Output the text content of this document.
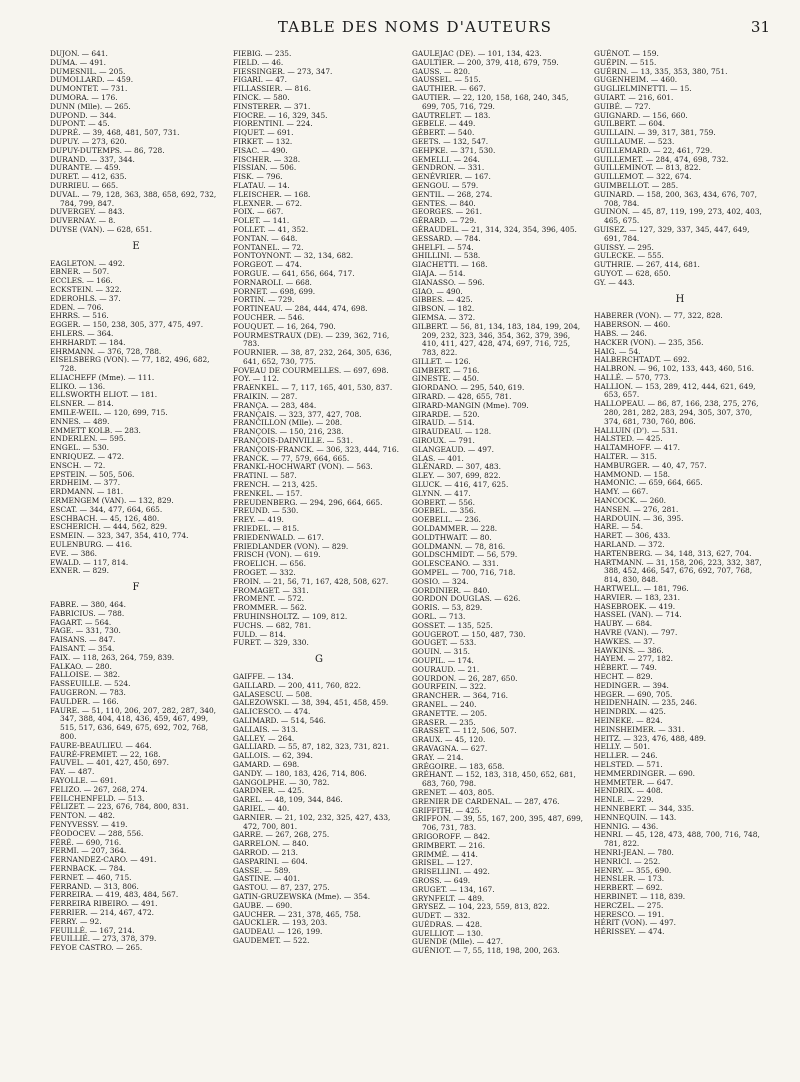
TABLE DES NOMS D'AUTEURS	31
DUJON. — 641.
DUMA. — 491.
DUMESNIL. — 205.
DUMOLLARD. — 459.
DUMONTET. — 731.
DUMORA. — 176.
DUNN (Mlle). — 265.
DUPOND. — 344.
DUPONT. — 45.
DUPRÉ. — 39, 468, 481, 507, 731.
DUPUY. — 273, 620.
DUPUY-DUTEMPS. — 86, 728.
DURAND. — 337, 344.
DURANTE. — 459.
DURET. — 412, 635.
DURRIEU. — 665.
DUVAL. — 79, 128, 363, 388, 658, 692, 732, 784, 799, 847.
DUVERGEY. — 843.
DUVERNAY. — 8.
DUYSE (VAN). — 628, 651.
E
EAGLETON. — 492.
EBNER. — 507.
ECCLES. — 166.
ECKSTEIN. — 322.
EDEROHLS. — 37.
EDEN. — 706.
EHRRS. — 516.
EGGER. — 150, 238, 305, 377, 475, 497.
EHLERS. — 364.
EHRHARDT. — 184.
EHRMANN. — 376, 728, 788.
EISELSBERG (VON). — 77, 182, 496, 682, 728.
ELIACHEFF (Mme). — 111.
ELIKO. — 136.
ELLSWORTH ELIOT. — 181.
ELSNER. — 814.
EMILE-WEIL. — 120, 699, 715.
ENNES. — 489.
EMMETT KOLB. — 283.
ENDERLEN. — 595.
ENGEL. — 530.
ENRIQUEZ. — 472.
ENSCH. — 72.
EPSTEIN. — 505, 506.
ERDHEIM. — 377.
ERDMANN. — 181.
ERMENGEM (VAN). — 132, 829.
ESCAT. — 344, 477, 664, 665.
ESCHBACH. — 45, 126, 480.
ESCHERICH. — 444, 562, 829.
ESMEIN. — 323, 347, 354, 410, 774.
EULENBURG. — 416.
EVE. — 386.
EWALD. — 117, 814.
EXNER. — 829.
F
FABRE. — 380, 464.
FABRICIUS. — 788.
FAGART. — 564.
FAGE. — 331, 730.
FAISANS. — 847.
FAISANT. — 354.
FAIX. — 118, 263, 264, 759, 839.
FALKAO. — 280.
FALLOISE. — 382.
FASSEUILLE. — 524.
FAUGERON. — 783.
FAULDER. — 166.
FAURE. — 51, 110, 206, 207, 282, 287, 340, 347, 388, 404, 418, 436, 459, 467, 499, 515, 517, 636, 649, 675, 692, 702, 768, 800.
FAURE-BEAULIEU. — 464.
FAURÉ-FREMIET. — 22, 168.
FAUVEL. — 401, 427, 450, 697.
FAY. — 487.
FAYOLLE. — 691.
FELIZO. — 267, 268, 274.
FEILCHENFELD. — 513.
FÉLIZET. — 223, 676, 784, 800, 831.
FENTON. — 482.
FENYVESSY. — 419.
FÉODOCEV. — 288, 556.
FÉRÉ. — 690, 716.
FERMI. — 207, 364.
FERNANDEZ-CARO. — 491.
FERNBACK. — 784.
FERNET. — 460, 715.
FERRAND. — 313, 806.
FERREIRA. — 419, 483, 484, 567.
FERREIRA RIBEIRO. — 491.
FERRIER. — 214, 467, 472.
FERRY. — 92.
FEUILLÉ. — 167, 214.
FEUILLIÉ. — 273, 378, 379.
FEYOE CASTRO. — 265.
FIEBIG. — 235.
FIELD. — 46.
FIESSINGER. — 273, 347.
FIGARI. — 47.
FILLASSIER. — 816.
FINCK. — 580.
FINSTERER. — 371.
FIOCRE. — 16, 329, 345.
FIORENTINI. — 224.
FIQUET. — 691.
FIRKET. — 132.
FISAC. — 490.
FISCHER. — 328.
FISSIAN. — 506.
FISK. — 796.
FLATAU. — 14.
FLEISCHER. — 168.
FLEXNER. — 672.
FOIX. — 667.
FOLET. — 141.
FOLLET. — 41, 352.
FONTAN. — 648.
FONTANEL. — 72.
FONTOYNONT. — 32, 134, 682.
FORGEOT. — 474.
FORGUE. — 641, 656, 664, 717.
FORNAROLI. — 668.
FORNET. — 698, 699.
FORTIN. — 729.
FORTINEAU. — 284, 444, 474, 698.
FOUCHER. — 546.
FOUQUET. — 16, 264, 790.
FOURMESTRAUX (DE). — 239, 362, 716, 783.
FOURNIER. — 38, 87, 232, 264, 305, 636, 641, 652, 730, 775.
FOVEAU DE COURMELLES. — 697, 698.
FOY. — 112.
FRAENKEL. — 7, 117, 165, 401, 530, 837.
FRAIKIN. — 287.
FRANÇA. — 283, 484.
FRANÇAIS. — 323, 377, 427, 708.
FRANCILLON (Mlle). — 208.
FRANÇOIS. — 150, 216, 238.
FRANÇOIS-DAINVILLE. — 531.
FRANÇOIS-FRANCK. — 306, 323, 444, 716.
FRANCK. — 77, 579, 664, 665.
FRANKL-HOCHWART (VON). — 563.
FRATINI. — 587.
FRENCH. — 213, 425.
FRENKEL. — 157.
FREUDENBERG. — 294, 296, 664, 665.
FREUND. — 530.
FREY. — 419.
FRIEDEL. — 815.
FRIEDENWALD. — 617.
FRIEDLANDER (VON). — 829.
FRISCH (VON). — 619.
FROELICH. — 656.
FROGET. — 332.
FROIN. — 21, 56, 71, 167, 428, 508, 627.
FROMAGET. — 331.
FROMENT. — 572.
FROMMER. — 562.
FRUHINSHOLTZ. — 109, 812.
FUCHS. — 682, 781.
FULD. — 814.
FURET. — 329, 330.
G
GAIFFE. — 134.
GAILLARD. — 200, 411, 760, 822.
GALASESCU. — 508.
GALEZOWSKI. — 38, 394, 451, 458, 459.
GALICESCO. — 474.
GALIMARD. — 514, 546.
GALLAIS. — 313.
GALLEY. — 264.
GALLIARD. — 55, 87, 182, 323, 731, 821.
GALLOIS. — 62, 394.
GAMARD. — 698.
GANDY. — 180, 183, 426, 714, 806.
GANGOLPHE. — 30, 782.
GARDNER. — 425.
GAREL. — 48, 109, 344, 846.
GARIEL. — 40.
GARNIER. — 21, 102, 232, 325, 427, 433, 472, 700, 801.
GARRE. — 267, 268, 275.
GARRELON. — 840.
GARROD. — 213.
GASPARINI. — 604.
GASSE. — 589.
GASTINE. — 401.
GASTOU. — 87, 237, 275.
GATIN-GRUZEWSKA (Mme). — 354.
GAUBE. — 690.
GAUCHER. — 231, 378, 465, 758.
GAUCKLER. — 193, 203.
GAUDEAU. — 126, 199.
GAUDEMET. — 522.
GAULEJAC (DE). — 101, 134, 423.
GAULTIER. — 200, 379, 418, 679, 759.
GAUSS. — 820.
GAUSSEL. — 515.
GAUTHIER. — 667.
GAUTIER. — 22, 120, 158, 168, 240, 345, 699, 705, 716, 729.
GAUTRELET. — 183.
GEBELE. — 449.
GÉBERT. — 540.
GEETS. — 132, 547.
GEHPKE. — 371, 530.
GEMELLI. — 264.
GENDRON. — 331.
GENÉVRIER. — 167.
GENGOU. — 579.
GENTIL. — 268, 274.
GENTES. — 840.
GEORGES. — 261.
GÉRARD. — 729.
GÉRAUDEL. — 21, 314, 324, 354, 396, 405.
GESSARD. — 784.
GHELFI. — 574.
GHILLINI. — 538.
GIACHETTI. — 168.
GIAJA. — 514.
GIANASSO. — 596.
GIAO. — 490.
GIBBES. — 425.
GIBSON. — 182.
GIEMSA. — 372.
GILBERT. — 56, 81, 134, 183, 184, 199, 204, 209, 232, 323, 346, 354, 362, 379, 396, 410, 411, 427, 428, 474, 697, 716, 725, 783, 822.
GILLET. — 126.
GIMBERT. — 716.
GINESTE. — 450.
GIORDANO. — 295, 540, 619.
GIRARD. — 428, 655, 781.
GIRARD-MANGIN (Mme). 709.
GIRARDE. — 520.
GIRAUD. — 514.
GIRAUDEAU. — 128.
GIROUX. — 791.
GLANGEAUD. — 497.
GLAS. — 401.
GLÉNARD. — 307, 483.
GLEY. — 307, 699, 822.
GLUCK. — 416, 417, 625.
GLYNN. — 417.
GOBERT. — 556.
GOEBEL. — 356.
GOEBELL. — 236.
GOLDAMMER. — 228.
GOLDTHWAIT. — 80.
GOLDMANN. — 78, 816.
GOLDSCHMIDT. — 56, 579.
GOLESCEANO. — 331.
GOMPEL. — 700, 716, 718.
GOSIO. — 324.
GORDINIER. — 840.
GORDON DOUGLAS. — 626.
GORIS. — 53, 829.
GORL. — 713.
GOSSET. — 135, 525.
GOUGEROT. — 150, 487, 730.
GOUGET. — 533.
GOUIN. — 315.
GOUPIL. — 174.
GOURAUD. — 21.
GOURDON. — 26, 287, 650.
GOURFEIN. — 322.
GRANCHER. — 364, 716.
GRANEL. — 240.
GRANETTE. — 205.
GRASER. — 235.
GRASSET. — 112, 506, 507.
GRAUX. — 45, 120.
GRAVAGNA. — 627.
GRAY. — 214.
GRÉGOIRE. — 183, 658.
GRÉHANT. — 152, 183, 318, 450, 652, 681, 683, 760, 798.
GRENET. — 403, 805.
GRENIER DE CARDENAL. — 287, 476.
GRIFFITH. — 425.
GRIFFON. — 39, 55, 167, 200, 395, 487, 699, 706, 731, 783.
GRIGOROFF. — 842.
GRIMBERT. — 216.
GRIMMÉ. — 414.
GRISEL. — 127.
GRISELLINI. — 492.
GROSS. — 649.
GRUGET. — 134, 167.
GRYNFELT. — 489.
GRYSEZ. — 104, 223, 559, 813, 822.
GUDET. — 332.
GUÉDRAS. — 428.
GUELLIOT. — 130.
GUENDE (Mlle). — 427.
GUÉNIOT. — 7, 55, 118, 198, 200, 263.
GUÉNOT. — 159.
GUÉPIN. — 515.
GUÉRIN. — 13, 335, 353, 380, 751.
GUGENHEIM. — 460.
GUGLIELMINETTI. — 15.
GUIART. — 216, 601.
GUIBÉ. — 727.
GUIGNARD. — 156, 660.
GUILBERT. — 604.
GUILLAIN. — 39, 317, 381, 759.
GUILLAUME. — 523.
GUILLEMARD. — 22, 461, 729.
GUILLEMET. — 284, 474, 698, 732.
GUILLEMINOT. — 813, 822.
GUILLEMOT. — 322, 674.
GUIMBELLOT. — 285.
GUINARD. — 158, 200, 363, 434, 676, 707, 708, 784.
GUINON. — 45, 87, 119, 199, 273, 402, 403, 465, 675.
GUISEZ. — 127, 329, 337, 345, 447, 649, 691, 784.
GUISSY. — 295.
GULECKE. — 555.
GUTHRIE. — 267, 414, 681.
GUYOT. — 628, 650.
GY. — 443.
H
HABERER (VON). — 77, 322, 828.
HABERSON. — 460.
HABS. — 246.
HACKER (VON). — 235, 356.
HAIG. — 54.
HALBERCHTADT. — 692.
HALBRON. — 96, 102, 133, 443, 460, 516.
HALLÉ. — 570, 773.
HALLION. — 153, 289, 412, 444, 621, 649, 653, 657.
HALLOPEAU. — 86, 87, 166, 238, 275, 276, 280, 281, 282, 283, 294, 305, 307, 370, 374, 681, 730, 760, 806.
HALLUIN (D'). — 531.
HALSTED. — 425.
HALTAMHOFF. — 417.
HALTER. — 315.
HAMBURGER. — 40, 47, 757.
HAMMOND. — 158.
HAMONIC. — 659, 664, 665.
HAMY. — 667.
HANCOCK. — 260.
HANSEN. — 276, 281.
HARDOUIN. — 36, 395.
HARE. — 54.
HARET. — 306, 433.
HARLAND. — 372.
HARTENBERG. — 34, 148, 313, 627, 704.
HARTMANN. — 31, 158, 206, 223, 332, 387, 388, 452, 466, 547, 676, 692, 707, 768, 814, 830, 848.
HARTWELL. — 181, 796.
HARVIER. — 183, 231.
HASEBROEK. — 419.
HASSEL (VAN). — 714.
HAUBY. — 684.
HAVRE (VAN). — 797.
HAWKES. — 37.
HAWKINS. — 386.
HAYEM. — 277, 182.
HÉBERT. — 749.
HECHT. — 829.
HEDINGER. — 394.
HEGER. — 690, 705.
HEIDENHAIN. — 235, 246.
HEINDRIX. — 425.
HEINEKE. — 824.
HEINSHEIMER. — 331.
HEITZ. — 323, 476, 488, 489.
HELLY. — 501.
HELLER. — 246.
HELSTED. — 571.
HEMMERDINGER. — 690.
HEMMETER. — 647.
HENDRIX. — 408.
HENLE. — 229.
HENNEBERT. — 344, 335.
HENNEQUIN. — 143.
HENNIG. — 436.
HENRI. — 45, 128, 473, 488, 700, 716, 748, 781, 822.
HENRI-JEAN. — 780.
HENRICI. — 252.
HENRY. — 355, 690.
HENSLER. — 173.
HERBERT. — 692.
HERBINET. — 118, 839.
HERCZEL. — 275.
HERESCO. — 191.
HÉRIT (VON). — 497.
HÉRISSEY. — 474.
